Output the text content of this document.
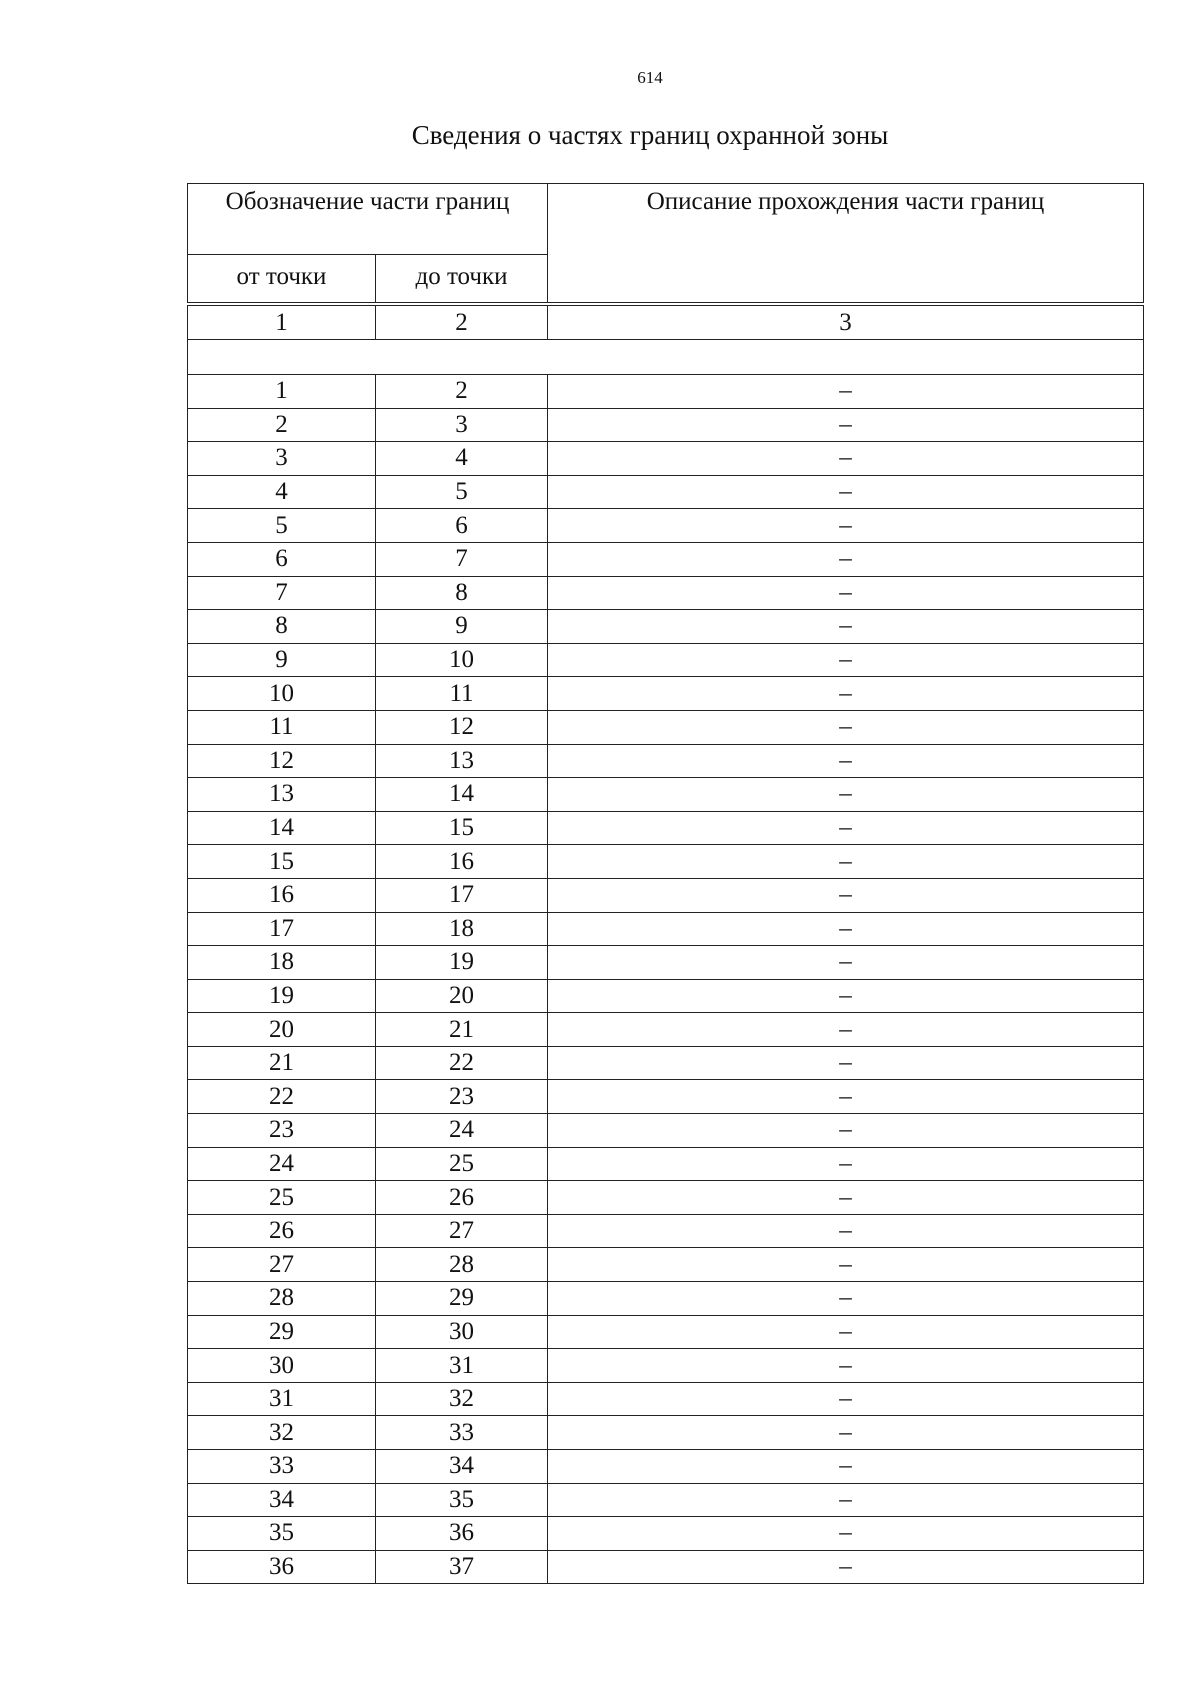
614
Сведения о частях границ охранной зоны
Обозначение части границ		Описание прохождения части границ
от точки	до точки	
1	2	3

1	2	–
2	3	–
3	4	–
4	5	–
5	6	–
6	7	–
7	8	–
8	9	–
9	10	–
10	11	–
11	12	–
12	13	–
13	14	–
14	15	–
15	16	–
16	17	–
17	18	–
18	19	–
19	20	–
20	21	–
21	22	–
22	23	–
23	24	–
24	25	–
25	26	–
26	27	–
27	28	–
28	29	–
29	30	–
30	31	–
31	32	–
32	33	–
33	34	–
34	35	–
35	36	–
36	37	–
